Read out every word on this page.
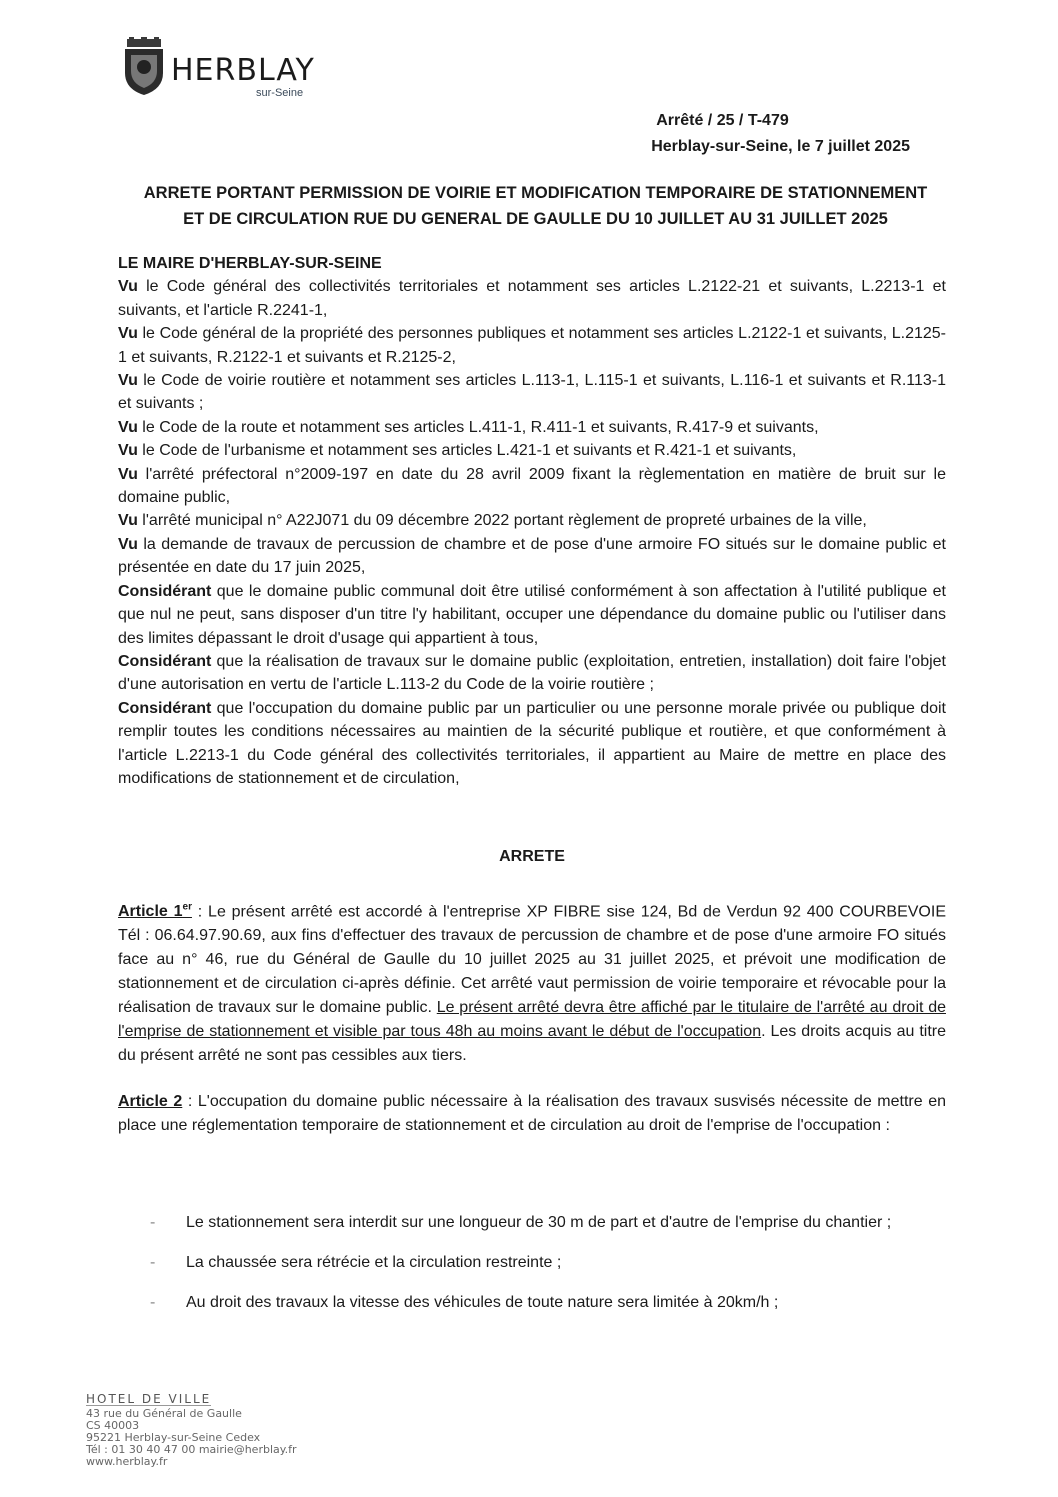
HERBLAY
sur-Seine
Arrêté / 25 / T-479
Herblay-sur-Seine, le 7 juillet 2025
ARRETE PORTANT PERMISSION DE VOIRIE ET MODIFICATION TEMPORAIRE DE STATIONNEMENT
ET DE CIRCULATION RUE DU GENERAL DE GAULLE DU 10 JUILLET AU 31 JUILLET 2025

LE MAIRE D'HERBLAY-SUR-SEINE

Vu le Code général des collectivités territoriales et notamment ses articles L.2122-21 et suivants, L.2213-1 et suivants, et l'article R.2241-1,

Vu le Code général de la propriété des personnes publiques et notamment ses articles L.2122-1 et suivants, L.2125-1 et suivants, R.2122-1 et suivants et R.2125-2,

Vu le Code de voirie routière et notamment ses articles L.113-1, L.115-1 et suivants, L.116-1 et suivants et R.113-1 et suivants ;

Vu le Code de la route et notamment ses articles L.411-1, R.411-1 et suivants, R.417-9 et suivants,

Vu le Code de l'urbanisme et notamment ses articles L.421-1 et suivants et R.421-1 et suivants,

Vu l'arrêté préfectoral n°2009-197 en date du 28 avril 2009 fixant la règlementation en matière de bruit sur le domaine public,

Vu l'arrêté municipal n° A22J071 du 09 décembre 2022 portant règlement de propreté urbaines de la ville,

Vu la demande de travaux de percussion de chambre et de pose d'une armoire FO situés sur le domaine public et présentée en date du 17 juin 2025,

Considérant que le domaine public communal doit être utilisé conformément à son affectation à l'utilité publique et que nul ne peut, sans disposer d'un titre l'y habilitant, occuper une dépendance du domaine public ou l'utiliser dans des limites dépassant le droit d'usage qui appartient à tous,

Considérant que la réalisation de travaux sur le domaine public (exploitation, entretien, installation) doit faire l'objet d'une autorisation en vertu de l'article L.113-2 du Code de la voirie routière ;

Considérant que l'occupation du domaine public par un particulier ou une personne morale privée ou publique doit remplir toutes les conditions nécessaires au maintien de la sécurité publique et routière, et que conformément à l'article L.2213-1 du Code général des collectivités territoriales, il appartient au Maire de mettre en place des modifications de stationnement et de circulation,

ARRETE

Article 1er : Le présent arrêté est accordé à l'entreprise XP FIBRE sise 124, Bd de Verdun 92 400 COURBEVOIE Tél : 06.64.97.90.69, aux fins d'effectuer des travaux de percussion de chambre et de pose d'une armoire FO situés face au n° 46, rue du Général de Gaulle du 10 juillet 2025 au 31 juillet 2025, et prévoit une modification de stationnement et de circulation ci-après définie. Cet arrêté vaut permission de voirie temporaire et révocable pour la réalisation de travaux sur le domaine public. Le présent arrêté devra être affiché par le titulaire de l'arrêté au droit de l'emprise de stationnement et visible par tous 48h au moins avant le début de l'occupation. Les droits acquis au titre du présent arrêté ne sont pas cessibles aux tiers.
Article 2 : L'occupation du domaine public nécessaire à la réalisation des travaux susvisés nécessite de mettre en place une réglementation temporaire de stationnement et de circulation au droit de l'emprise de l'occupation :
- Le stationnement sera interdit sur une longueur de 30 m de part et d'autre de l'emprise du chantier ;
- La chaussée sera rétrécie et la circulation restreinte ;
- Au droit des travaux la vitesse des véhicules de toute nature sera limitée à 20km/h ;
HOTEL DE VILLE
43 rue du Général de Gaulle
CS 40003
95221 Herblay-sur-Seine Cedex
Tél : 01 30 40 47 00 mairie@herblay.fr
www.herblay.fr
